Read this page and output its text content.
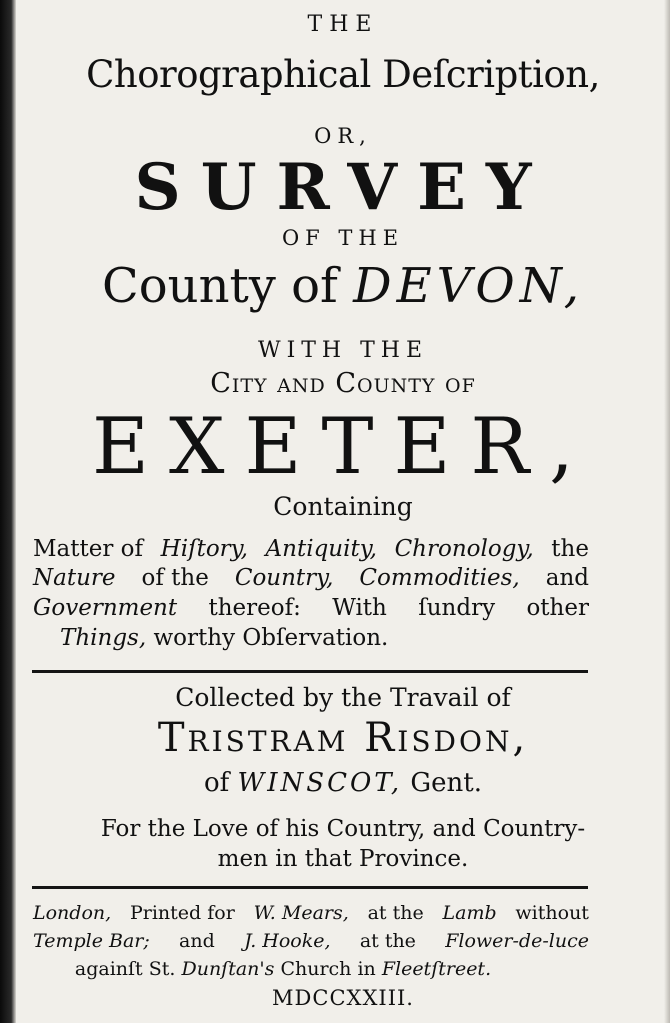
THE
Chorographical Deſcription,
OR,
SURVEY
OF THE
County of DEVON,
WITH THE
City and County of
EXETER,
Containing
Matter of Hiſtory, Antiquity, Chronology, the
Nature of the Country, Commodities, and
Government thereof: With ſundry other
Things, worthy Obſervation.
Collected by the Travail of
Tristram Risdon,
of WINSCOT, Gent.
For the Love of his Country, and Country-
men in that Province.
London, Printed for W. Mears, at the Lamb without
Temple Bar; and J. Hooke, at the Flower-de-luce
againſt St. Dunſtan's Church in Fleetſtreet.
MDCCXXIII.
